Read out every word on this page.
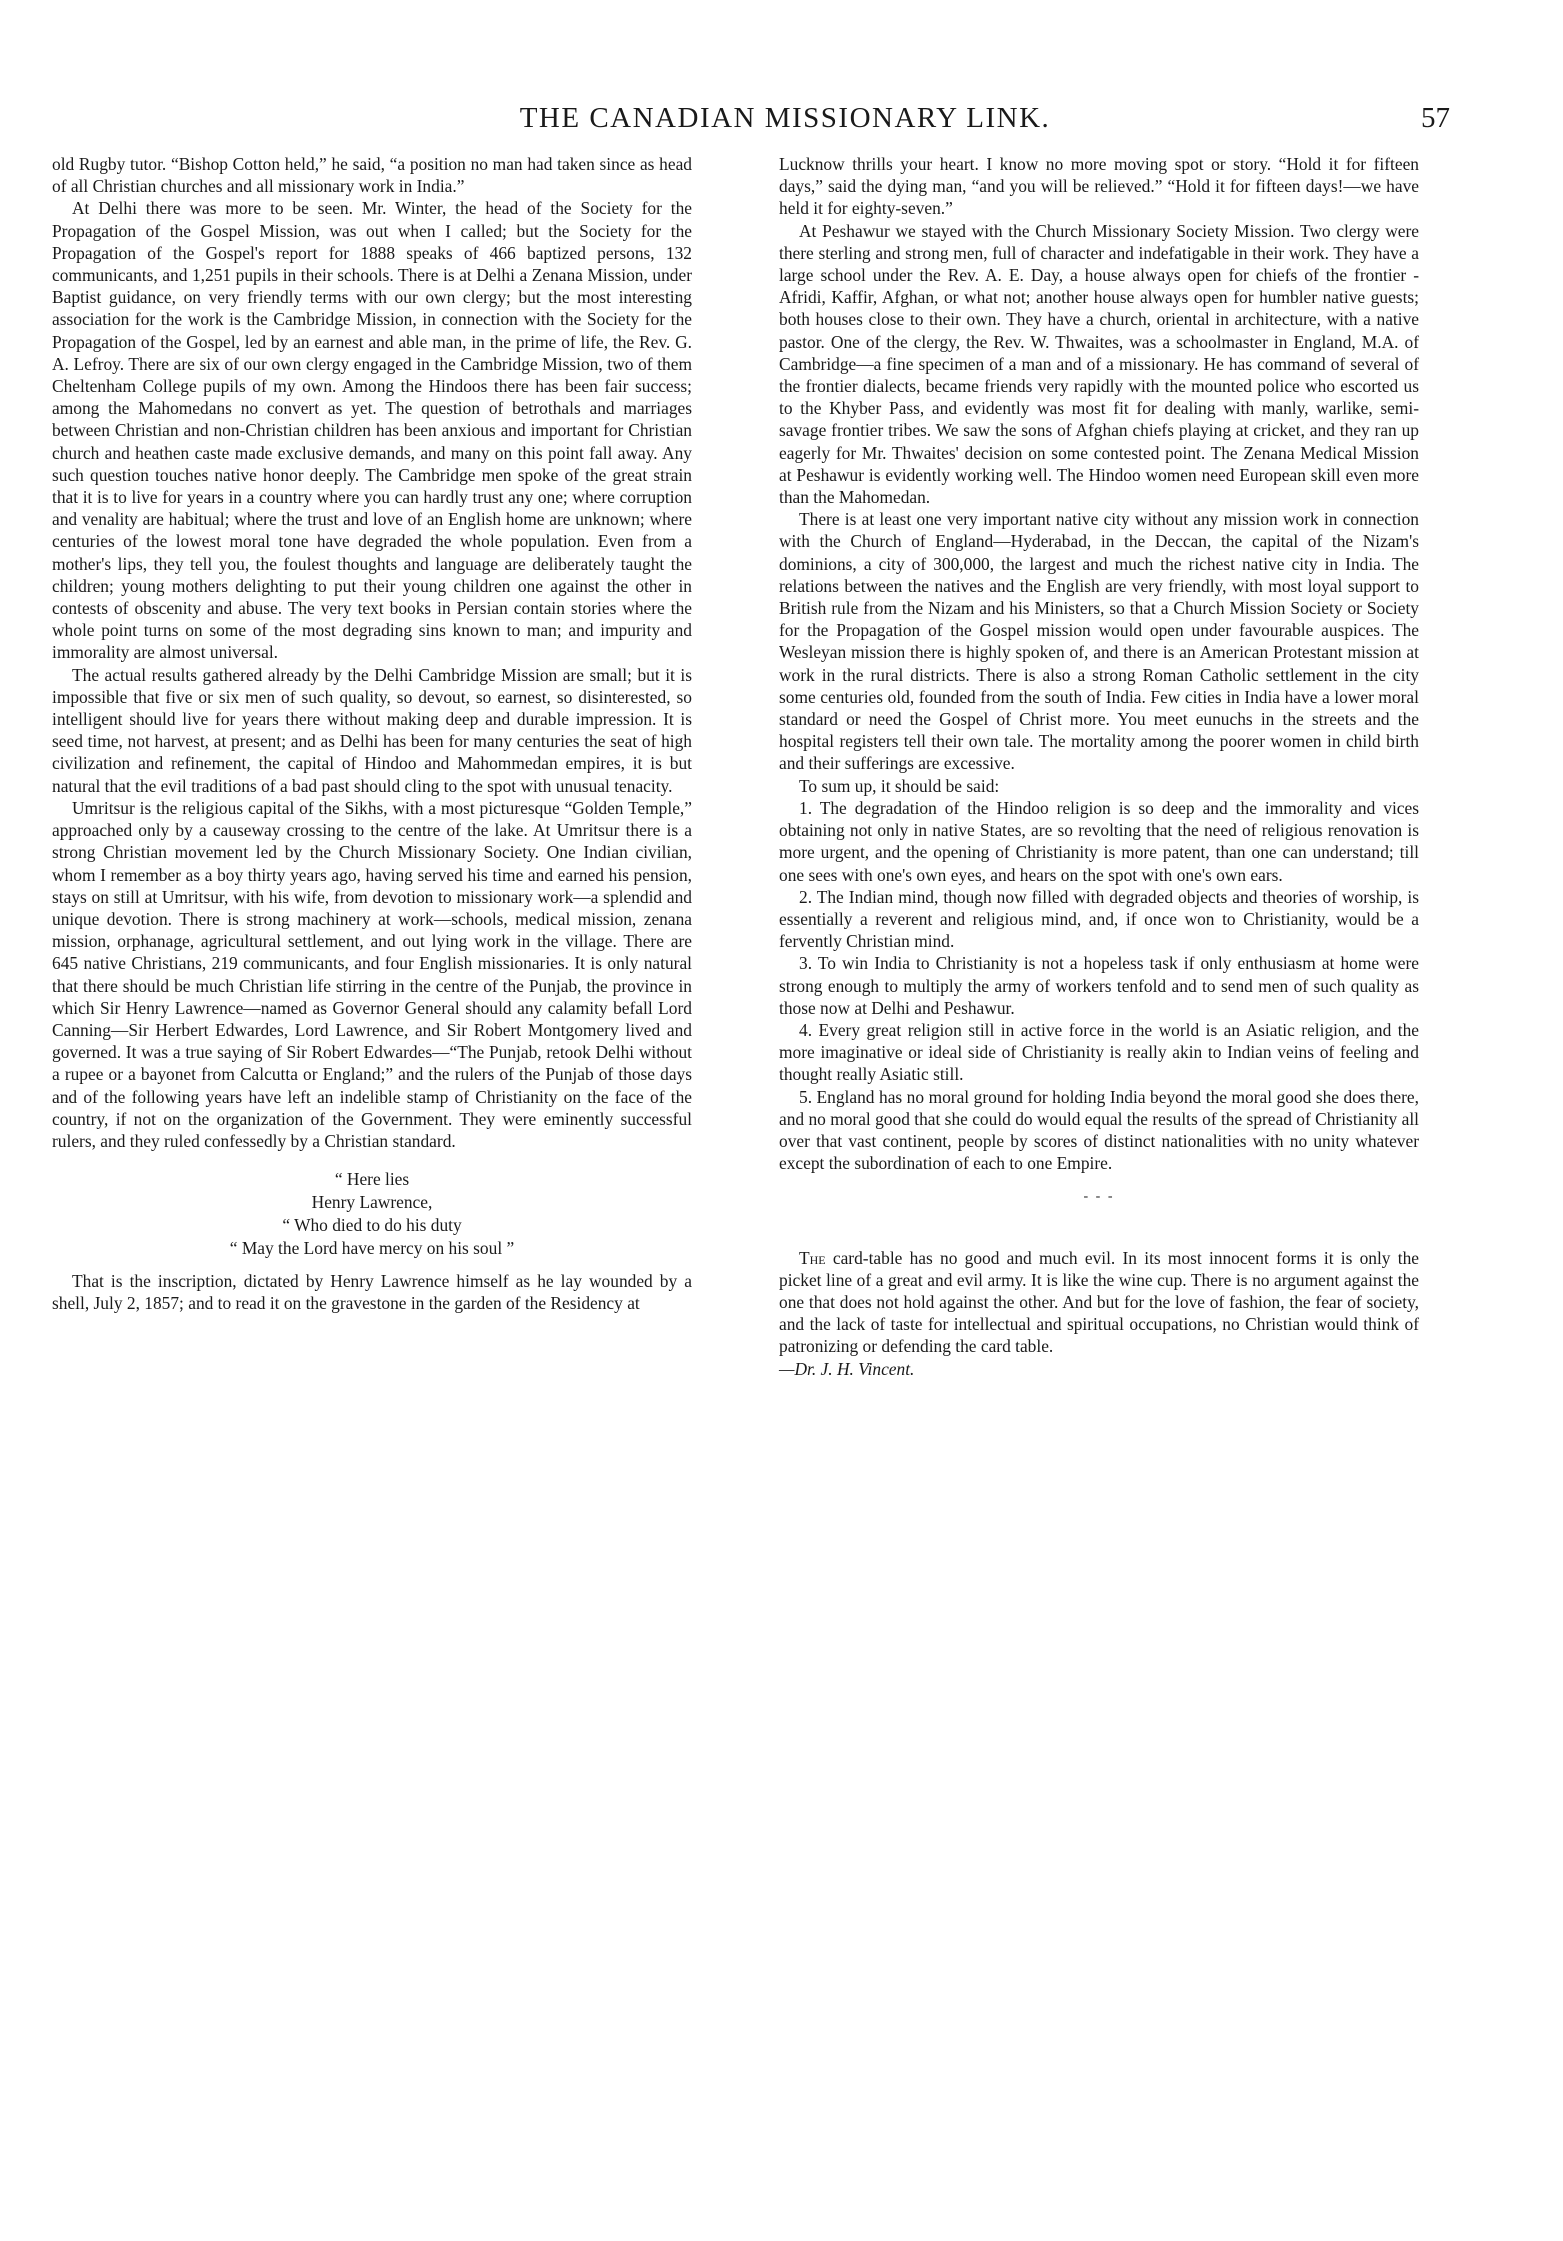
THE CANADIAN MISSIONARY LINK.	57

old Rugby tutor. “Bishop Cotton held,” he said, “a position no man had taken since as head of all Christian churches and all missionary work in India.”

At Delhi there was more to be seen. Mr. Winter, the head of the Society for the Propagation of the Gospel Mission, was out when I called; but the Society for the Propagation of the Gospel's report for 1888 speaks of 466 baptized persons, 132 communicants, and 1,251 pupils in their schools. There is at Delhi a Zenana Mission, under Baptist guidance, on very friendly terms with our own clergy; but the most interesting association for the work is the Cambridge Mission, in connection with the Society for the Propagation of the Gospel, led by an earnest and able man, in the prime of life, the Rev. G. A. Lefroy. There are six of our own clergy engaged in the Cambridge Mission, two of them Cheltenham College pupils of my own. Among the Hindoos there has been fair success; among the Mahomedans no convert as yet. The question of betrothals and marriages between Christian and non-Christian children has been anxious and important for Christian church and heathen caste made exclusive demands, and many on this point fall away. Any such question touches native honor deeply. The Cambridge men spoke of the great strain that it is to live for years in a country where you can hardly trust any one; where corruption and venality are habitual; where the trust and love of an English home are unknown; where centuries of the lowest moral tone have degraded the whole population. Even from a mother's lips, they tell you, the foulest thoughts and language are deliberately taught the children; young mothers delighting to put their young children one against the other in contests of obscenity and abuse. The very text books in Persian contain stories where the whole point turns on some of the most degrading sins known to man; and impurity and immorality are almost universal.

The actual results gathered already by the Delhi Cambridge Mission are small; but it is impossible that five or six men of such quality, so devout, so earnest, so disinterested, so intelligent should live for years there without making deep and durable impression. It is seed time, not harvest, at present; and as Delhi has been for many centuries the seat of high civilization and refinement, the capital of Hindoo and Mahommedan empires, it is but natural that the evil traditions of a bad past should cling to the spot with unusual tenacity.

Umritsur is the religious capital of the Sikhs, with a most picturesque “Golden Temple,” approached only by a causeway crossing to the centre of the lake. At Umritsur there is a strong Christian movement led by the Church Missionary Society. One Indian civilian, whom I remember as a boy thirty years ago, having served his time and earned his pension, stays on still at Umritsur, with his wife, from devotion to missionary work—a splendid and unique devotion. There is strong machinery at work—schools, medical mission, zenana mission, orphanage, agricultural settlement, and out lying work in the village. There are 645 native Christians, 219 communicants, and four English missionaries. It is only natural that there should be much Christian life stirring in the centre of the Punjab, the province in which Sir Henry Lawrence—named as Governor General should any calamity befall Lord Canning—Sir Herbert Edwardes, Lord Lawrence, and Sir Robert Montgomery lived and governed. It was a true saying of Sir Robert Edwardes—“The Punjab, retook Delhi without a rupee or a bayonet from Calcutta or England;” and the rulers of the Punjab of those days and of the following years have left an indelible stamp of Christianity on the face of the country, if not on the organization of the Government. They were eminently successful rulers, and they ruled confessedly by a Christian standard.

“ Here lies
Henry Lawrence,
“ Who died to do his duty
“ May the Lord have mercy on his soul ”

That is the inscription, dictated by Henry Lawrence himself as he lay wounded by a shell, July 2, 1857; and to read it on the gravestone in the garden of the Residency at

Lucknow thrills your heart. I know no more moving spot or story. “Hold it for fifteen days,” said the dying man, “and you will be relieved.” “Hold it for fifteen days!—we have held it for eighty-seven.”

At Peshawur we stayed with the Church Missionary Society Mission. Two clergy were there sterling and strong men, full of character and indefatigable in their work. They have a large school under the Rev. A. E. Day, a house always open for chiefs of the frontier - Afridi, Kaffir, Afghan, or what not; another house always open for humbler native guests; both houses close to their own. They have a church, oriental in architecture, with a native pastor. One of the clergy, the Rev. W. Thwaites, was a schoolmaster in England, M.A. of Cambridge—a fine specimen of a man and of a missionary. He has command of several of the frontier dialects, became friends very rapidly with the mounted police who escorted us to the Khyber Pass, and evidently was most fit for dealing with manly, warlike, semi-savage frontier tribes. We saw the sons of Afghan chiefs playing at cricket, and they ran up eagerly for Mr. Thwaites' decision on some contested point. The Zenana Medical Mission at Peshawur is evidently working well. The Hindoo women need European skill even more than the Mahomedan.

There is at least one very important native city without any mission work in connection with the Church of England—Hyderabad, in the Deccan, the capital of the Nizam's dominions, a city of 300,000, the largest and much the richest native city in India. The relations between the natives and the English are very friendly, with most loyal support to British rule from the Nizam and his Ministers, so that a Church Mission Society or Society for the Propagation of the Gospel mission would open under favourable auspices. The Wesleyan mission there is highly spoken of, and there is an American Protestant mission at work in the rural districts. There is also a strong Roman Catholic settlement in the city some centuries old, founded from the south of India. Few cities in India have a lower moral standard or need the Gospel of Christ more. You meet eunuchs in the streets and the hospital registers tell their own tale. The mortality among the poorer women in child birth and their sufferings are excessive.

To sum up, it should be said:

1. The degradation of the Hindoo religion is so deep and the immorality and vices obtaining not only in native States, are so revolting that the need of religious renovation is more urgent, and the opening of Christianity is more patent, than one can understand; till one sees with one's own eyes, and hears on the spot with one's own ears.

2. The Indian mind, though now filled with degraded objects and theories of worship, is essentially a reverent and religious mind, and, if once won to Christianity, would be a fervently Christian mind.

3. To win India to Christianity is not a hopeless task if only enthusiasm at home were strong enough to multiply the army of workers tenfold and to send men of such quality as those now at Delhi and Peshawur.

4. Every great religion still in active force in the world is an Asiatic religion, and the more imaginative or ideal side of Christianity is really akin to Indian veins of feeling and thought really Asiatic still.

5. England has no moral ground for holding India beyond the moral good she does there, and no moral good that she could do would equal the results of the spread of Christianity all over that vast continent, people by scores of distinct nationalities with no unity whatever except the subordination of each to one Empire.

- - -

The card-table has no good and much evil. In its most innocent forms it is only the picket line of a great and evil army. It is like the wine cup. There is no argument against the one that does not hold against the other. And but for the love of fashion, the fear of society, and the lack of taste for intellectual and spiritual occupations, no Christian would think of patronizing or defending the card table.

—Dr. J. H. Vincent.
